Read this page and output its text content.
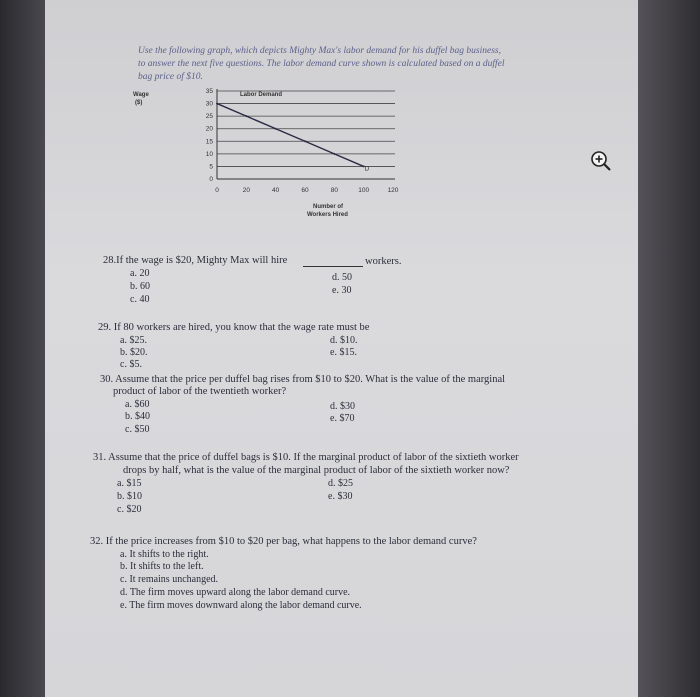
Use the following graph, which depicts Mighty Max's labor demand for his duffel bag business,
to answer the next five questions. The labor demand curve shown is calculated based on a duffel
bag price of $10.
Wage
($)
Labor Demand
Number of
Workers Hired
35
30
25
20
15
10
5
0
0	20	40	60	80	100	120
D
28.If the wage is $20, Mighty Max will hire	workers.
a. 20
b. 60
c. 40
d. 50
e. 30
29. If 80 workers are hired, you know that the wage rate must be
a. $25.
b. $20.
c. $5.
d. $10.
e. $15.
30. Assume that the price per duffel bag rises from $10 to $20. What is the value of the marginal
product of labor of the twentieth worker?
a. $60
b. $40
c. $50
d. $30
e. $70
31. Assume that the price of duffel bags is $10. If the marginal product of labor of the sixtieth worker
drops by half, what is the value of the marginal product of labor of the sixtieth worker now?
a. $15
b. $10
c. $20
d. $25
e. $30
32. If the price increases from $10 to $20 per bag, what happens to the labor demand curve?
a. It shifts to the right.
b. It shifts to the left.
c. It remains unchanged.
d. The firm moves upward along the labor demand curve.
e. The firm moves downward along the labor demand curve.
